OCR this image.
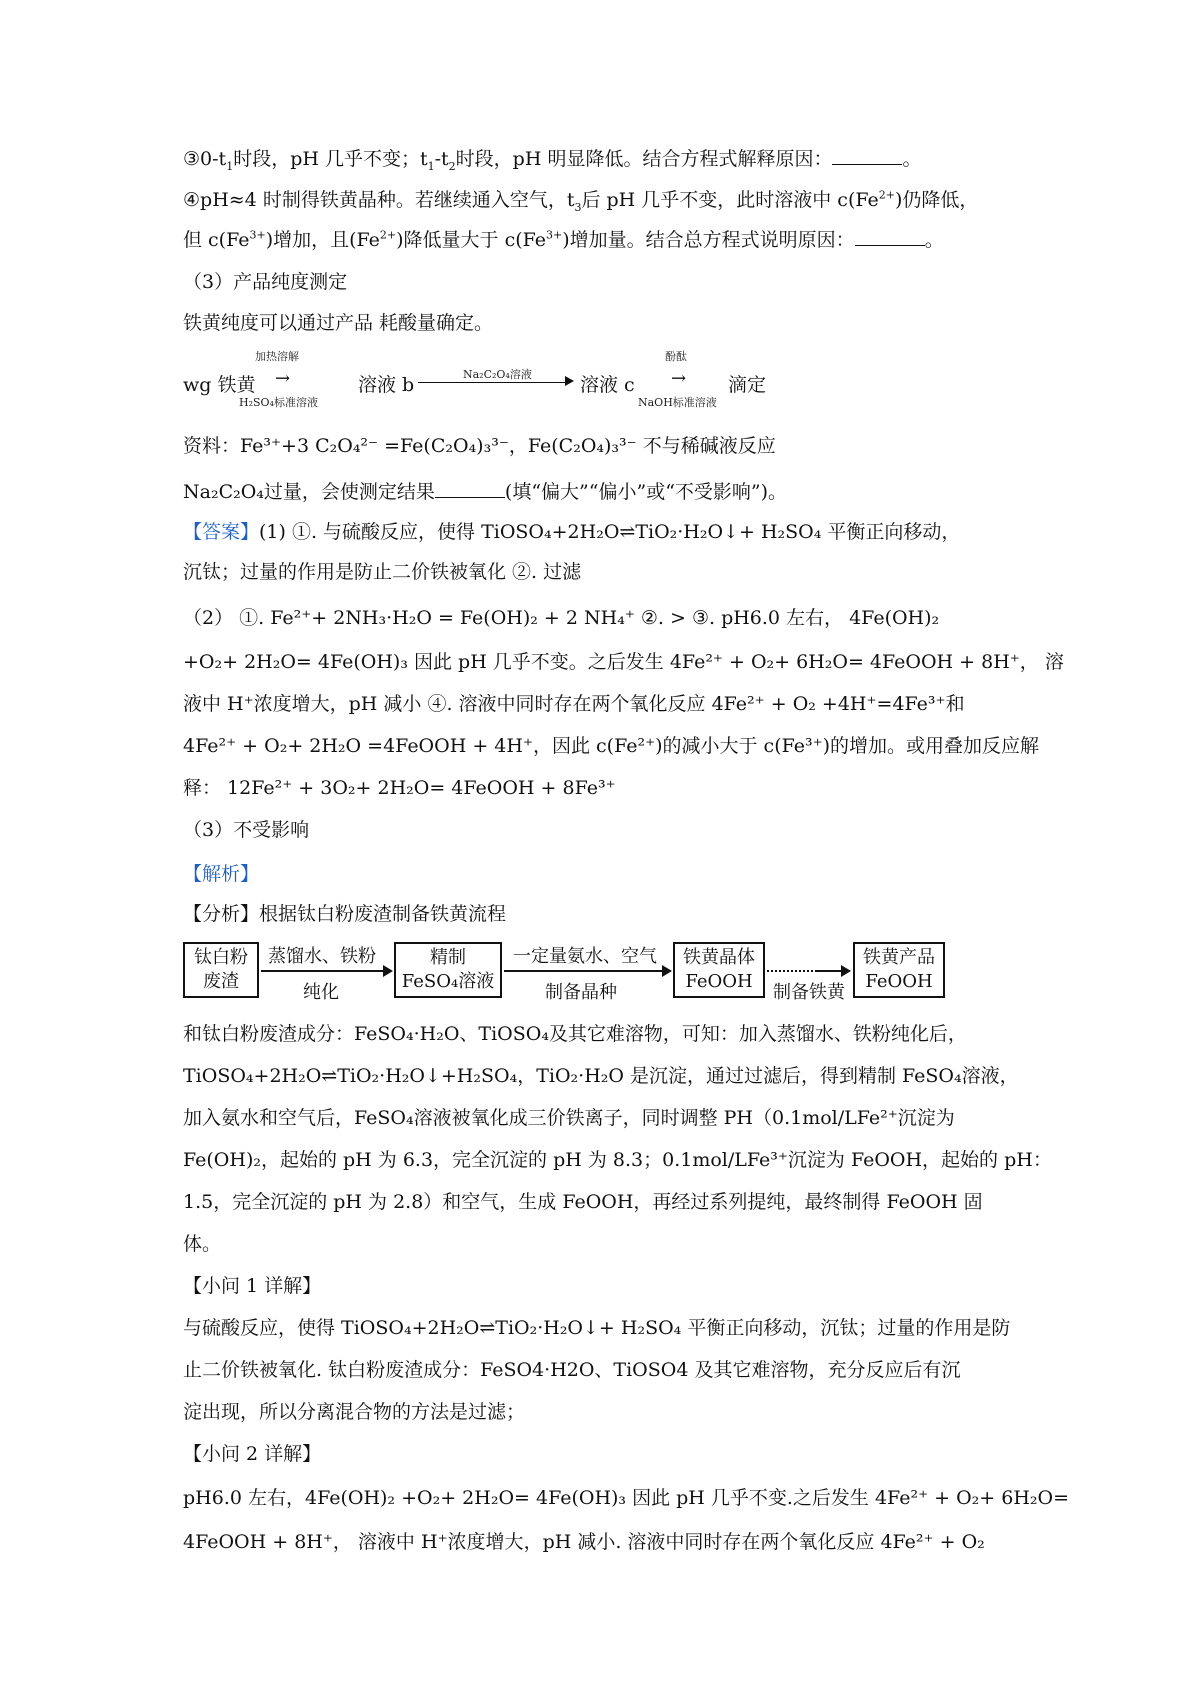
$③0-t_1$时段，pH 几乎不变；$t_1-t_2$时段，pH 明显降低。结合方程式解释原因：	。
④pH≈4 时制得铁黄晶种。若继续通入空气，$t_3$后 pH 几乎不变，此时溶液中 $c(Fe^{2+})$仍降低，
但 $c(Fe^{3+})$增加，且$(Fe^{2+})$降低量大于 $c(Fe^{3+})$增加量。结合总方程式说明原因：	。
（3）产品纯度测定
铁黄纯度可以通过产品 耗酸量确定。
wg 铁黄
加热溶解
→
H₂SO₄标准溶液
溶液 b	Na₂C₂O₄溶液	溶液 c
酚酞
→
NaOH标准溶液
滴定
资料：Fe³⁺+3 C₂O₄²⁻ =Fe(C₂O₄)₃³⁻，Fe(C₂O₄)₃³⁻ 不与稀碱液反应
Na₂C₂O₄过量，会使测定结果	(填“偏大”“偏小”或“不受影响”)。
【答案】(1) ①. 与硫酸反应，使得 TiOSO₄+2H₂O⇌TiO₂·H₂O↓+ H₂SO₄ 平衡正向移动，
沉钛；过量的作用是防止二价铁被氧化 ②. 过滤
（2） ①. Fe²⁺+ 2NH₃·H₂O = Fe(OH)₂ + 2 NH₄⁺ ②. > ③. pH6.0 左右， 4Fe(OH)₂
+O₂+ 2H₂O= 4Fe(OH)₃ 因此 pH 几乎不变。之后发生 4Fe²⁺ + O₂+ 6H₂O= 4FeOOH + 8H⁺， 溶
液中 H⁺浓度增大，pH 减小 ④. 溶液中同时存在两个氧化反应 4Fe²⁺ + O₂ +4H⁺=4Fe³⁺和
4Fe²⁺ + O₂+ 2H₂O =4FeOOH + 4H⁺，因此 c(Fe²⁺)的减小大于 c(Fe³⁺)的增加。或用叠加反应解
释： 12Fe²⁺ + 3O₂+ 2H₂O= 4FeOOH + 8Fe³⁺
（3）不受影响
【解析】
【分析】根据钛白粉废渣制备铁黄流程
钛白粉
废渣
蒸馏水、铁粉
纯化
精制
FeSO₄溶液
一定量氨水、空气
制备晶种
铁黄晶体
FeOOH
制备铁黄
铁黄产品
FeOOH
和钛白粉废渣成分：FeSO₄·H₂O、TiOSO₄及其它难溶物，可知：加入蒸馏水、铁粉纯化后，
TiOSO₄+2H₂O⇌TiO₂·H₂O↓+H₂SO₄，TiO₂·H₂O 是沉淀，通过过滤后，得到精制 FeSO₄溶液，
加入氨水和空气后，FeSO₄溶液被氧化成三价铁离子，同时调整 PH（0.1mol/LFe²⁺沉淀为
Fe(OH)₂，起始的 pH 为 6.3，完全沉淀的 pH 为 8.3；0.1mol/LFe³⁺沉淀为 FeOOH，起始的 pH：
1.5，完全沉淀的 pH 为 2.8）和空气，生成 FeOOH，再经过系列提纯，最终制得 FeOOH 固
体。
【小问 1 详解】
与硫酸反应，使得 TiOSO₄+2H₂O⇌TiO₂·H₂O↓+ H₂SO₄ 平衡正向移动，沉钛；过量的作用是防
止二价铁被氧化. 钛白粉废渣成分：FeSO4·H2O、TiOSO4 及其它难溶物，充分反应后有沉
淀出现，所以分离混合物的方法是过滤；
【小问 2 详解】
pH6.0 左右，4Fe(OH)₂ +O₂+ 2H₂O= 4Fe(OH)₃ 因此 pH 几乎不变.之后发生 4Fe²⁺ + O₂+ 6H₂O=
4FeOOH + 8H⁺， 溶液中 H⁺浓度增大，pH 减小. 溶液中同时存在两个氧化反应 4Fe²⁺ + O₂
